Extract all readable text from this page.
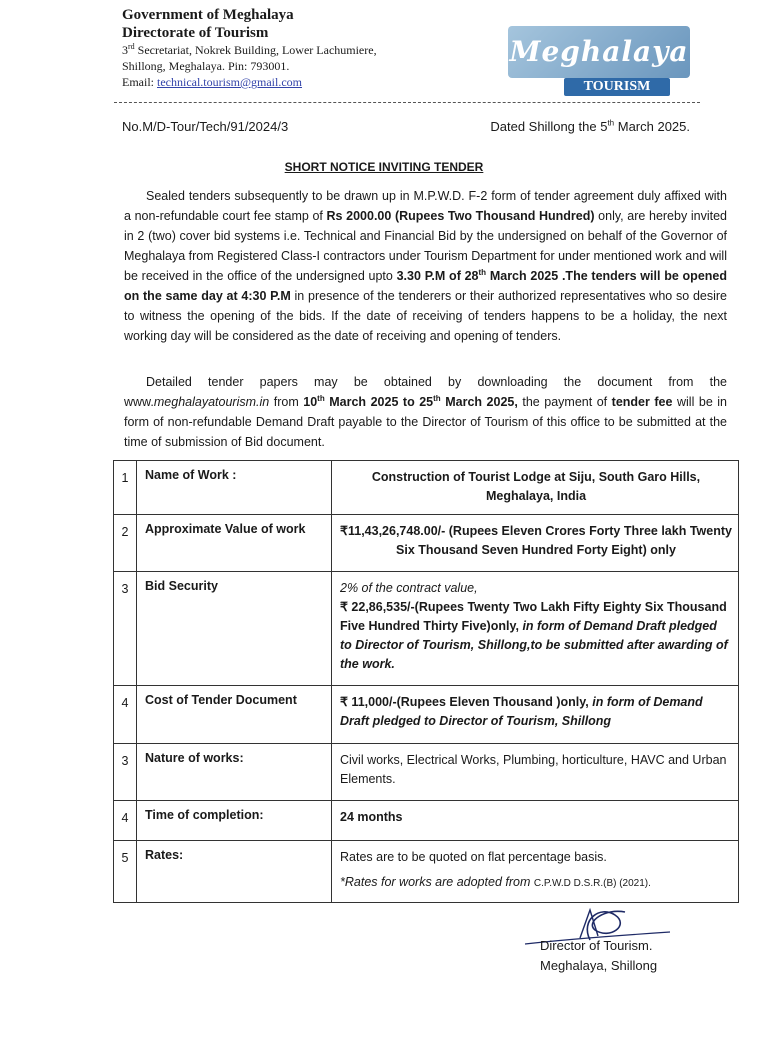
Government of Meghalaya
Directorate of Tourism
3rd Secretariat, Nokrek Building, Lower Lachumiere,
Shillong, Meghalaya. Pin: 793001.
Email: technical.tourism@gmail.com
Meghalaya
TOURISM
No.M/D-Tour/Tech/91/2024/3	Dated Shillong the 5th March 2025.
SHORT NOTICE INVITING TENDER
Sealed tenders subsequently to be drawn up in M.P.W.D. F-2 form of tender agreement duly affixed with a non-refundable court fee stamp of Rs 2000.00 (Rupees Two Thousand Hundred) only, are hereby invited in 2 (two) cover bid systems i.e. Technical and Financial Bid by the undersigned on behalf of the Governor of Meghalaya from Registered Class-I contractors under Tourism Department for under mentioned work and will be received in the office of the undersigned upto 3.30 P.M of 28th March 2025 .The tenders will be opened on the same day at 4:30 P.M in presence of the tenderers or their authorized representatives who so desire to witness the opening of the bids. If the date of receiving of tenders happens to be a holiday, the next working day will be considered as the date of receiving and opening of tenders.
Detailed tender papers may be obtained by downloading the document from the www.meghalayatourism.in from 10th March 2025 to 25th March 2025, the payment of tender fee will be in form of non-refundable Demand Draft payable to the Director of Tourism of this office to be submitted at the time of submission of Bid document.
1	Name of Work :	Construction of Tourist Lodge at Siju, South Garo Hills,
Meghalaya, India

2	Approximate Value of work	₹11,43,26,748.00/- (Rupees Eleven Crores Forty Three lakh Twenty
Six Thousand Seven Hundred Forty Eight) only

3	Bid Security	2% of the contract value,
₹ 22,86,535/-(Rupees Twenty Two Lakh Fifty Eighty Six Thousand Five Hundred Thirty Five)only, in form of Demand Draft pledged to Director of Tourism, Shillong,to be submitted after awarding of the work.
4	Cost of Tender Document	₹ 11,000/-(Rupees Eleven Thousand )only, in form of Demand Draft pledged to Director of Tourism, Shillong
3	Nature of works:	Civil works, Electrical Works, Plumbing, horticulture, HAVC and Urban Elements.
4	Time of completion:	24 months
5	Rates:	Rates are to be quoted on flat percentage basis.
*Rates for works are adopted from C.P.W.D D.S.R.(B) (2021).
Director of Tourism.
Meghalaya, Shillong
